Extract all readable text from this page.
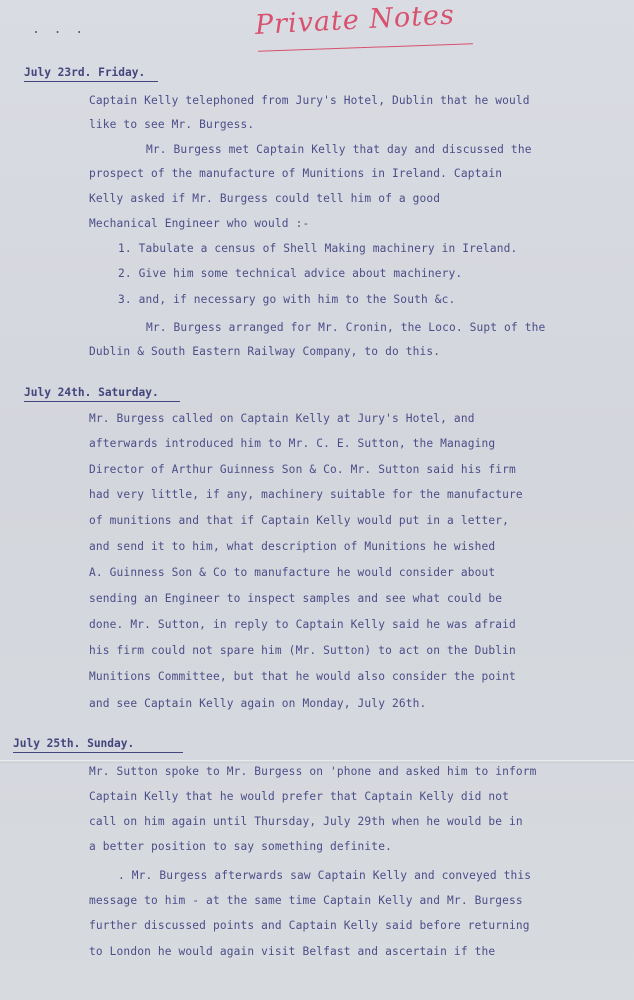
. . .	Private Notes
July 23rd. Friday.
Captain Kelly telephoned from Jury's Hotel, Dublin that he would
like to see Mr. Burgess.
Mr. Burgess met Captain Kelly that day and discussed the
prospect of the manufacture of Munitions in Ireland. Captain
Kelly asked if Mr. Burgess could tell him of a good
Mechanical Engineer who would :-
1. Tabulate a census of Shell Making machinery in Ireland.
2. Give him some technical advice about machinery.
3. and, if necessary go with him to the South &c.
Mr. Burgess arranged for Mr. Cronin, the Loco. Supt of the
Dublin & South Eastern Railway Company, to do this.
July 24th. Saturday.
Mr. Burgess called on Captain Kelly at Jury's Hotel, and
afterwards introduced him to Mr. C. E. Sutton, the Managing
Director of Arthur Guinness Son & Co. Mr. Sutton said his firm
had very little, if any, machinery suitable for the manufacture
of munitions and that if Captain Kelly would put in a letter,
and send it to him, what description of Munitions he wished
A. Guinness Son & Co to manufacture he would consider about
sending an Engineer to inspect samples and see what could be
done. Mr. Sutton, in reply to Captain Kelly said he was afraid
his firm could not spare him (Mr. Sutton) to act on the Dublin
Munitions Committee, but that he would also consider the point
and see Captain Kelly again on Monday, July 26th.
July 25th. Sunday.
Mr. Sutton spoke to Mr. Burgess on 'phone and asked him to inform
Captain Kelly that he would prefer that Captain Kelly did not
call on him again until Thursday, July 29th when he would be in
a better position to say something definite.
. Mr. Burgess afterwards saw Captain Kelly and conveyed this
message to him - at the same time Captain Kelly and Mr. Burgess
further discussed points and Captain Kelly said before returning
to London he would again visit Belfast and ascertain if the
